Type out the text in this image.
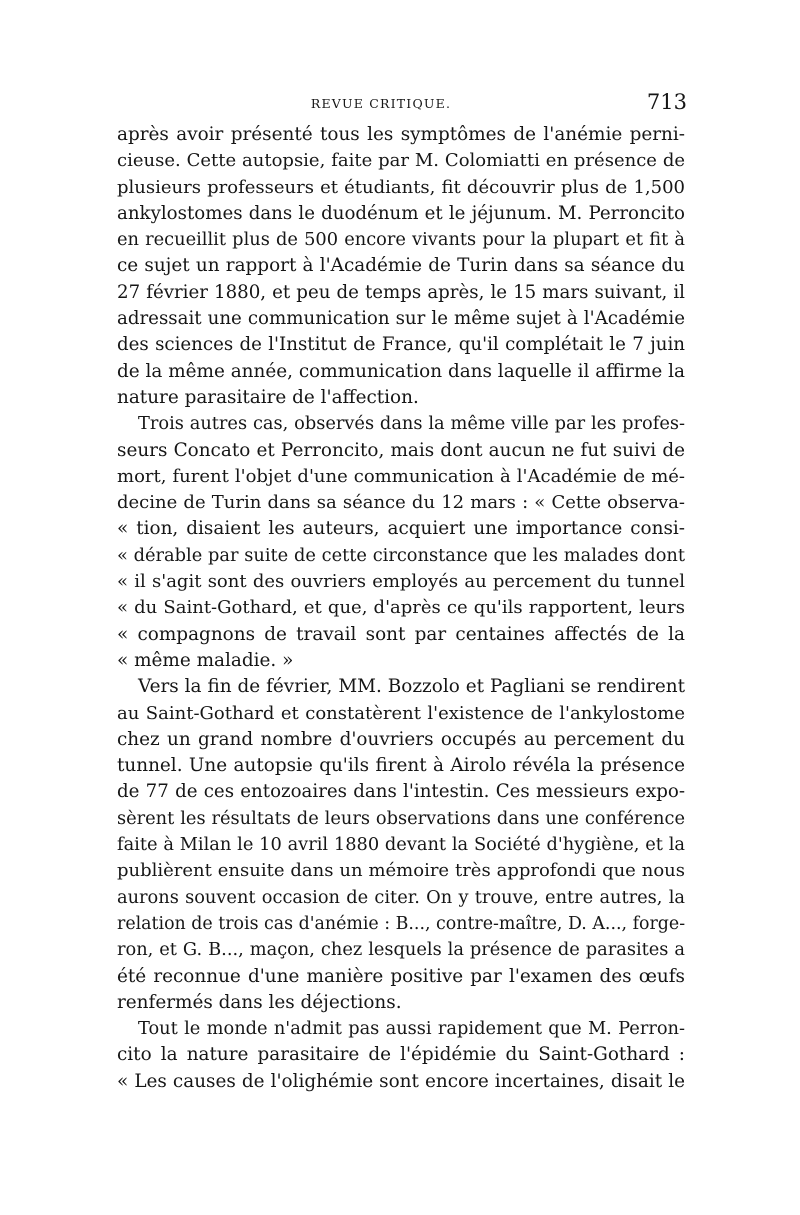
REVUE CRITIQUE.	713
après avoir présenté tous les symptômes de l'anémie perni-
cieuse. Cette autopsie, faite par M. Colomiatti en présence de
plusieurs professeurs et étudiants, fit découvrir plus de 1,500
ankylostomes dans le duodénum et le jéjunum. M. Perroncito
en recueillit plus de 500 encore vivants pour la plupart et fit à
ce sujet un rapport à l'Académie de Turin dans sa séance du
27 février 1880, et peu de temps après, le 15 mars suivant, il
adressait une communication sur le même sujet à l'Académie
des sciences de l'Institut de France, qu'il complétait le 7 juin
de la même année, communication dans laquelle il affirme la
nature parasitaire de l'affection.
Trois autres cas, observés dans la même ville par les profes-
seurs Concato et Perroncito, mais dont aucun ne fut suivi de
mort, furent l'objet d'une communication à l'Académie de mé-
decine de Turin dans sa séance du 12 mars : « Cette observa-
« tion, disaient les auteurs, acquiert une importance consi-
« dérable par suite de cette circonstance que les malades dont
« il s'agit sont des ouvriers employés au percement du tunnel
« du Saint-Gothard, et que, d'après ce qu'ils rapportent, leurs
« compagnons de travail sont par centaines affectés de la
« même maladie. »
Vers la fin de février, MM. Bozzolo et Pagliani se rendirent
au Saint-Gothard et constatèrent l'existence de l'ankylostome
chez un grand nombre d'ouvriers occupés au percement du
tunnel. Une autopsie qu'ils firent à Airolo révéla la présence
de 77 de ces entozoaires dans l'intestin. Ces messieurs expo-
sèrent les résultats de leurs observations dans une conférence
faite à Milan le 10 avril 1880 devant la Société d'hygiène, et la
publièrent ensuite dans un mémoire très approfondi que nous
aurons souvent occasion de citer. On y trouve, entre autres, la
relation de trois cas d'anémie : B..., contre-maître, D. A..., forge-
ron, et G. B..., maçon, chez lesquels la présence de parasites a
été reconnue d'une manière positive par l'examen des œufs
renfermés dans les déjections.
Tout le monde n'admit pas aussi rapidement que M. Perron-
cito la nature parasitaire de l'épidémie du Saint-Gothard :
« Les causes de l'olighémie sont encore incertaines, disait le
